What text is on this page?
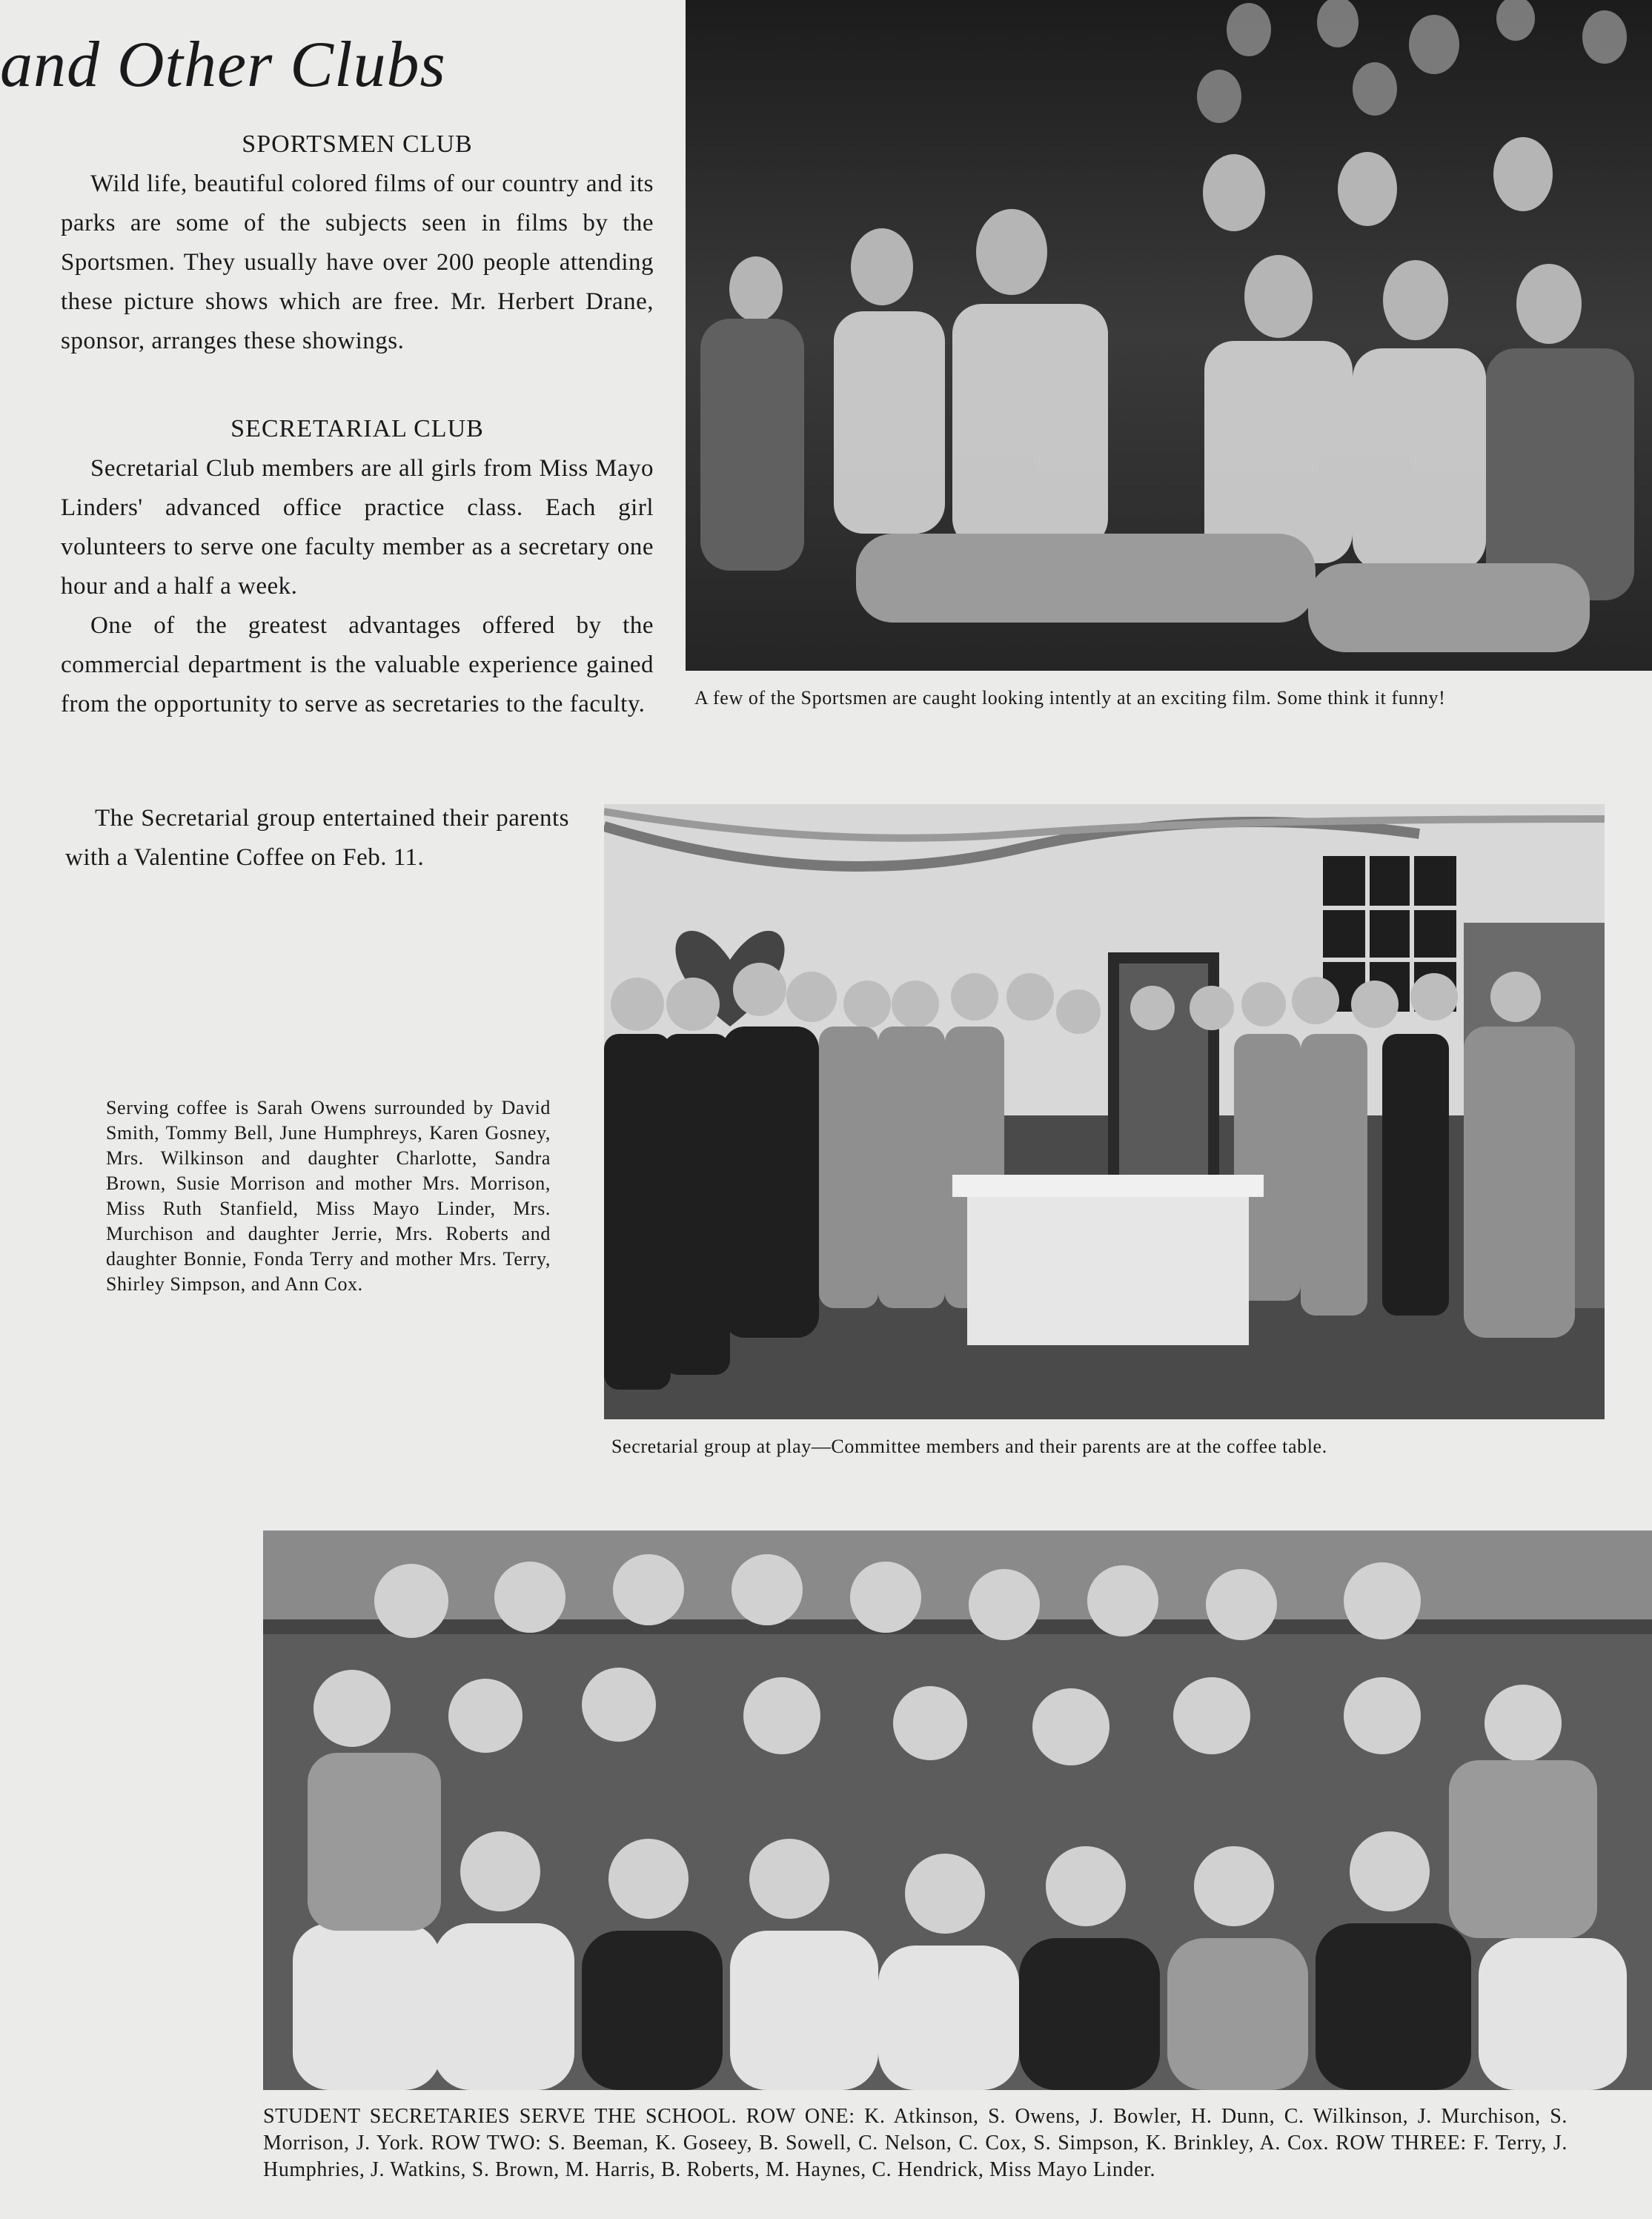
and Other Clubs
SPORTSMEN CLUB

Wild life, beautiful colored films of our country and its parks are some of the subjects seen in films by the Sportsmen. They usually have over 200 people attending these picture shows which are free. Mr. Herbert Drane, sponsor, arranges these showings.

SECRETARIAL CLUB

Secretarial Club members are all girls from Miss Mayo Linders' advanced office practice class. Each girl volunteers to serve one faculty member as a secretary one hour and a half a week.

One of the greatest advantages offered by the commercial department is the valuable experience gained from the opportunity to serve as secretaries to the faculty.

The Secretarial group entertained their parents with a Valentine Coffee on Feb. 11.

A few of the Sportsmen are caught looking intently at an exciting film. Some think it funny!
Serving coffee is Sarah Owens surrounded by David Smith, Tommy Bell, June Humphreys, Karen Gosney, Mrs. Wilkinson and daughter Charlotte, Sandra Brown, Susie Morrison and mother Mrs. Morrison, Miss Ruth Stanfield, Miss Mayo Linder, Mrs. Murchison and daughter Jerrie, Mrs. Roberts and daughter Bonnie, Fonda Terry and mother Mrs. Terry, Shirley Simpson, and Ann Cox.
Secretarial group at play—Committee members and their parents are at the coffee table.
STUDENT SECRETARIES SERVE THE SCHOOL. ROW ONE: K. Atkinson, S. Owens, J. Bowler, H. Dunn, C. Wilkinson, J. Murchison, S. Morrison, J. York. ROW TWO: S. Beeman, K. Goseey, B. Sowell, C. Nelson, C. Cox, S. Simpson, K. Brinkley, A. Cox. ROW THREE: F. Terry, J. Humphries, J. Watkins, S. Brown, M. Harris, B. Roberts, M. Haynes, C. Hendrick, Miss Mayo Linder.
